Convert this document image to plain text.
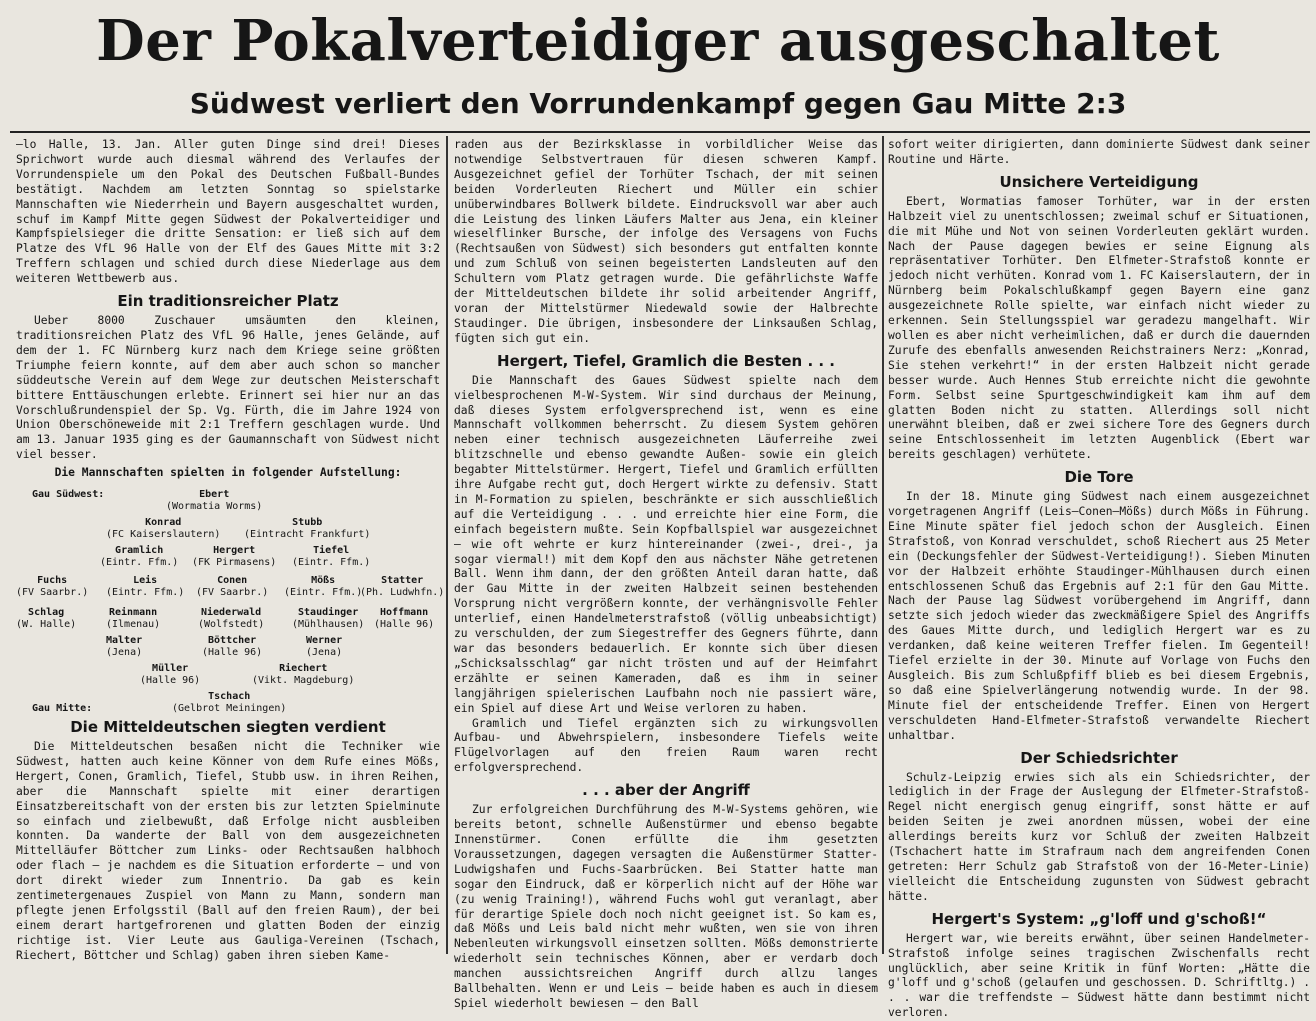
Der Pokalverteidiger ausgeschaltet
Südwest verliert den Vorrundenkampf gegen Gau Mitte 2:3

—lo Halle, 13. Jan. Aller guten Dinge sind drei! Dieses Sprichwort wurde auch diesmal während des Verlaufes der Vorrundenspiele um den Pokal des Deutschen Fußball-Bundes bestätigt. Nachdem am letzten Sonntag so spielstarke Mannschaften wie Niederrhein und Bayern ausgeschaltet wurden, schuf im Kampf Mitte gegen Südwest der Pokalverteidiger und Kampfspielsieger die dritte Sensation: er ließ sich auf dem Platze des VfL 96 Halle von der Elf des Gaues Mitte mit 3:2 Treffern schlagen und schied durch diese Niederlage aus dem weiteren Wettbewerb aus.

Ein traditionsreicher Platz

Ueber 8000 Zuschauer umsäumten den kleinen, traditionsreichen Platz des VfL 96 Halle, jenes Gelände, auf dem der 1. FC Nürnberg kurz nach dem Kriege seine größten Triumphe feiern konnte, auf dem aber auch schon so mancher süddeutsche Verein auf dem Wege zur deutschen Meisterschaft bittere Enttäuschungen erlebte. Erinnert sei hier nur an das Vorschlußrundenspiel der Sp. Vg. Fürth, die im Jahre 1924 von Union Oberschöneweide mit 2:1 Treffern geschlagen wurde. Und am 13. Januar 1935 ging es der Gaumannschaft von Südwest nicht viel besser.

Die Mannschaften spielten in folgender Aufstellung:

Gau Südwest:	Ebert
(Wormatia Worms)
Konrad
(FC Kaiserslautern)
Stubb
(Eintracht Frankfurt)
Gramlich
(Eintr. Ffm.)
Hergert
(FK Pirmasens)
Tiefel
(Eintr. Ffm.)
Fuchs
(FV Saarbr.)
Leis
(Eintr. Ffm.)
Conen
(FV Saarbr.)
Mößs
(Eintr. Ffm.)
Statter
(Ph. Ludwhfn.)
Schlag
(W. Halle)
Reinmann
(Ilmenau)
Niederwald
(Wolfstedt)
Staudinger
(Mühlhausen)
Hoffmann
(Halle 96)
Malter
(Jena)
Böttcher
(Halle 96)
Werner
(Jena)
Müller
(Halle 96)
Riechert
(Vikt. Magdeburg)
Gau Mitte:
Tschach
(Gelbrot Meiningen)
Die Mitteldeutschen siegten verdient

Die Mitteldeutschen besaßen nicht die Techniker wie Südwest, hatten auch keine Könner von dem Rufe eines Mößs, Hergert, Conen, Gramlich, Tiefel, Stubb usw. in ihren Reihen, aber die Mannschaft spielte mit einer derartigen Einsatzbereitschaft von der ersten bis zur letzten Spielminute so einfach und zielbewußt, daß Erfolge nicht ausbleiben konnten. Da wanderte der Ball von dem ausgezeichneten Mittelläufer Böttcher zum Links- oder Rechtsaußen halbhoch oder flach — je nachdem es die Situation erforderte — und von dort direkt wieder zum Innentrio. Da gab es kein zentimetergenaues Zuspiel von Mann zu Mann, sondern man pflegte jenen Erfolgsstil (Ball auf den freien Raum), der bei einem derart hartgefrorenen und glatten Boden der einzig richtige ist. Vier Leute aus Gauliga-Vereinen (Tschach, Riechert, Böttcher und Schlag) gaben ihren sieben Kame-

raden aus der Bezirksklasse in vorbildlicher Weise das notwendige Selbstvertrauen für diesen schweren Kampf. Ausgezeichnet gefiel der Torhüter Tschach, der mit seinen beiden Vorderleuten Riechert und Müller ein schier unüberwindbares Bollwerk bildete. Eindrucksvoll war aber auch die Leistung des linken Läufers Malter aus Jena, ein kleiner wieselflinker Bursche, der infolge des Versagens von Fuchs (Rechtsaußen von Südwest) sich besonders gut entfalten konnte und zum Schluß von seinen begeisterten Landsleuten auf den Schultern vom Platz getragen wurde. Die gefährlichste Waffe der Mitteldeutschen bildete ihr solid arbeitender Angriff, voran der Mittelstürmer Niedewald sowie der Halbrechte Staudinger. Die übrigen, insbesondere der Linksaußen Schlag, fügten sich gut ein.

Hergert, Tiefel, Gramlich die Besten . . .

Die Mannschaft des Gaues Südwest spielte nach dem vielbesprochenen M-W-System. Wir sind durchaus der Meinung, daß dieses System erfolgversprechend ist, wenn es eine Mannschaft vollkommen beherrscht. Zu diesem System gehören neben einer technisch ausgezeichneten Läuferreihe zwei blitzschnelle und ebenso gewandte Außen- sowie ein gleich begabter Mittelstürmer. Hergert, Tiefel und Gramlich erfüllten ihre Aufgabe recht gut, doch Hergert wirkte zu defensiv. Statt in M-Formation zu spielen, beschränkte er sich ausschließlich auf die Verteidigung . . . und erreichte hier eine Form, die einfach begeistern mußte. Sein Kopfballspiel war ausgezeichnet — wie oft wehrte er kurz hintereinander (zwei-, drei-, ja sogar viermal!) mit dem Kopf den aus nächster Nähe getretenen Ball. Wenn ihm dann, der den größten Anteil daran hatte, daß der Gau Mitte in der zweiten Halbzeit seinen bestehenden Vorsprung nicht vergrößern konnte, der verhängnisvolle Fehler unterlief, einen Handelmeterstrafstoß (völlig unbeabsichtigt) zu verschulden, der zum Siegestreffer des Gegners führte, dann war das besonders bedauerlich. Er konnte sich über diesen „Schicksalsschlag“ gar nicht trösten und auf der Heimfahrt erzählte er seinen Kameraden, daß es ihm in seiner langjährigen spielerischen Laufbahn noch nie passiert wäre, ein Spiel auf diese Art und Weise verloren zu haben.

Gramlich und Tiefel ergänzten sich zu wirkungsvollen Aufbau- und Abwehrspielern, insbesondere Tiefels weite Flügelvorlagen auf den freien Raum waren recht erfolgversprechend.

. . . aber der Angriff

Zur erfolgreichen Durchführung des M-W-Systems gehören, wie bereits betont, schnelle Außenstürmer und ebenso begabte Innenstürmer. Conen erfüllte die ihm gesetzten Voraussetzungen, dagegen versagten die Außenstürmer Statter-Ludwigshafen und Fuchs-Saarbrücken. Bei Statter hatte man sogar den Eindruck, daß er körperlich nicht auf der Höhe war (zu wenig Training!), während Fuchs wohl gut veranlagt, aber für derartige Spiele doch noch nicht geeignet ist. So kam es, daß Mößs und Leis bald nicht mehr wußten, wen sie von ihren Nebenleuten wirkungsvoll einsetzen sollten. Mößs demonstrierte wiederholt sein technisches Können, aber er verdarb doch manchen aussichtsreichen Angriff durch allzu langes Ballbehalten. Wenn er und Leis — beide haben es auch in diesem Spiel wiederholt bewiesen — den Ball

sofort weiter dirigierten, dann dominierte Südwest dank seiner Routine und Härte.

Unsichere Verteidigung

Ebert, Wormatias famoser Torhüter, war in der ersten Halbzeit viel zu unentschlossen; zweimal schuf er Situationen, die mit Mühe und Not von seinen Vorderleuten geklärt wurden. Nach der Pause dagegen bewies er seine Eignung als repräsentativer Torhüter. Den Elfmeter-Strafstoß konnte er jedoch nicht verhüten. Konrad vom 1. FC Kaiserslautern, der in Nürnberg beim Pokalschlußkampf gegen Bayern eine ganz ausgezeichnete Rolle spielte, war einfach nicht wieder zu erkennen. Sein Stellungsspiel war geradezu mangelhaft. Wir wollen es aber nicht verheimlichen, daß er durch die dauernden Zurufe des ebenfalls anwesenden Reichstrainers Nerz: „Konrad, Sie stehen verkehrt!“ in der ersten Halbzeit nicht gerade besser wurde. Auch Hennes Stub erreichte nicht die gewohnte Form. Selbst seine Spurtgeschwindigkeit kam ihm auf dem glatten Boden nicht zu statten. Allerdings soll nicht unerwähnt bleiben, daß er zwei sichere Tore des Gegners durch seine Entschlossenheit im letzten Augenblick (Ebert war bereits geschlagen) verhütete.

Die Tore

In der 18. Minute ging Südwest nach einem ausgezeichnet vorgetragenen Angriff (Leis—Conen—Mößs) durch Mößs in Führung. Eine Minute später fiel jedoch schon der Ausgleich. Einen Strafstoß, von Konrad verschuldet, schoß Riechert aus 25 Meter ein (Deckungsfehler der Südwest-Verteidigung!). Sieben Minuten vor der Halbzeit erhöhte Staudinger-Mühlhausen durch einen entschlossenen Schuß das Ergebnis auf 2:1 für den Gau Mitte. Nach der Pause lag Südwest vorübergehend im Angriff, dann setzte sich jedoch wieder das zweckmäßigere Spiel des Angriffs des Gaues Mitte durch, und lediglich Hergert war es zu verdanken, daß keine weiteren Treffer fielen. Im Gegenteil! Tiefel erzielte in der 30. Minute auf Vorlage von Fuchs den Ausgleich. Bis zum Schlußpfiff blieb es bei diesem Ergebnis, so daß eine Spielverlängerung notwendig wurde. In der 98. Minute fiel der entscheidende Treffer. Einen von Hergert verschuldeten Hand-Elfmeter-Strafstoß verwandelte Riechert unhaltbar.

Der Schiedsrichter

Schulz-Leipzig erwies sich als ein Schiedsrichter, der lediglich in der Frage der Auslegung der Elfmeter-Strafstoß-Regel nicht energisch genug eingriff, sonst hätte er auf beiden Seiten je zwei anordnen müssen, wobei der eine allerdings bereits kurz vor Schluß der zweiten Halbzeit (Tschachert hatte im Strafraum nach dem angreifenden Conen getreten: Herr Schulz gab Strafstoß von der 16-Meter-Linie) vielleicht die Entscheidung zugunsten von Südwest gebracht hätte.

Hergert's System: „g'loff und g'schoß!“

Hergert war, wie bereits erwähnt, über seinen Handelmeter-Strafstoß infolge seines tragischen Zwischenfalls recht unglücklich, aber seine Kritik in fünf Worten: „Hätte die g'loff und g'schoß (gelaufen und geschossen. D. Schriftltg.) . . . war die treffendste — Südwest hätte dann bestimmt nicht verloren.
